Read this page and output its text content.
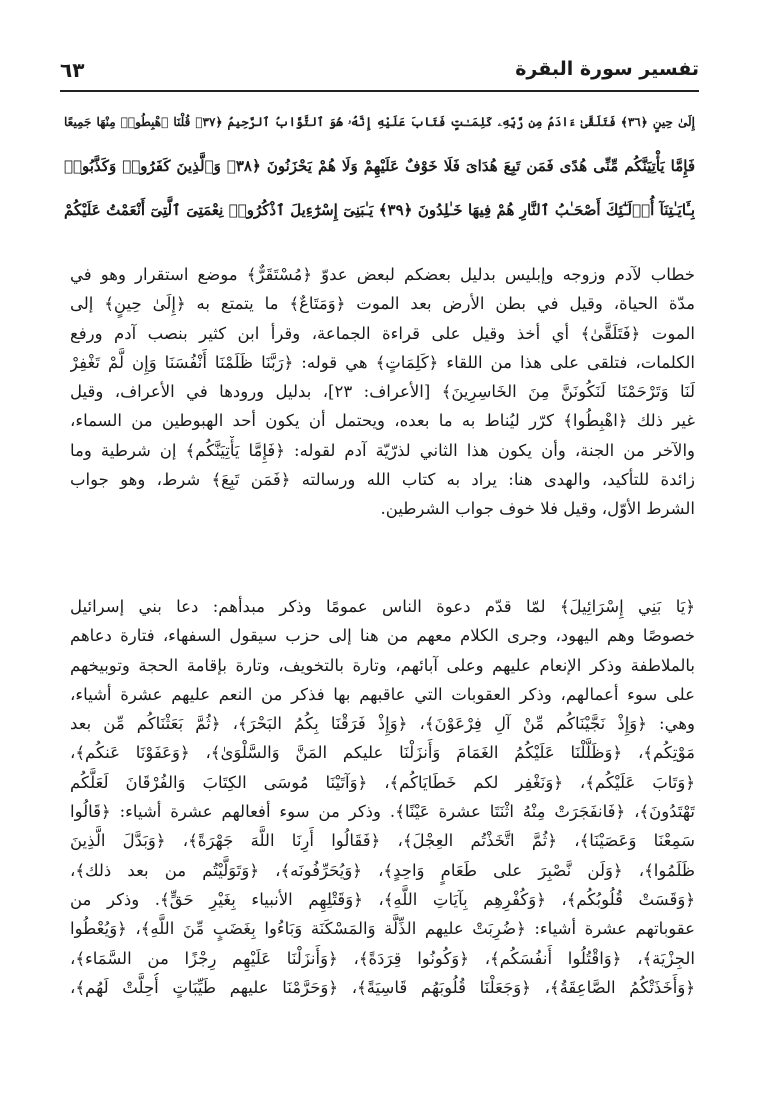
تفسير سورة البقرة
٦٣
إِلَىٰ حِينٍ ﴿٣٦﴾ فَتَلَقَّىٰ ءَادَمُ مِن رَّبِّهِۦ كَلِمَـٰتٍ فَتَابَ عَلَيْهِ إِنَّهُۥ هُوَ ٱلتَّوَّابُ ٱلرَّحِيمُ ﴿٣٧﴾ قُلْنَا ٱهْبِطُوا۟ مِنْهَا جَمِيعًا
فَإِمَّا يَأْتِيَنَّكُم مِّنِّى هُدًى فَمَن تَبِعَ هُدَاىَ فَلَا خَوْفٌ عَلَيْهِمْ وَلَا هُمْ يَحْزَنُونَ ﴿٣٨﴾ وَٱلَّذِينَ كَفَرُوا۟ وَكَذَّبُوا۟
بِـَٔايَـٰتِنَآ أُو۟لَـٰٓئِكَ أَصْحَـٰبُ ٱلنَّارِ هُمْ فِيهَا خَـٰلِدُونَ ﴿٣٩﴾ يَـٰبَنِىٓ إِسْرَٰٓءِيلَ ٱذْكُرُوا۟ نِعْمَتِىَ ٱلَّتِىٓ أَنْعَمْتُ عَلَيْكُمْ
خطاب لآدم وزوجه وإبليس بدليل بعضكم لبعض عدوّ ﴿مُسْتَقَرٌّ﴾ موضع استقرار وهو في
مدّة الحياة، وقيل في بطن الأرض بعد الموت ﴿وَمَتَاعٌ﴾ ما يتمتع به ﴿إِلَىٰ حِينٍ﴾ إلى
الموت ﴿فَتَلَقَّىٰ﴾ أي أخذ وقيل على قراءة الجماعة، وقرأ ابن كثير بنصب آدم ورفع
الكلمات، فتلقى على هذا من اللقاء ﴿كَلِمَاتٍ﴾ هي قوله: ﴿رَبَّنَا ظَلَمْنَا أَنْفُسَنَا وَإِن لَّمْ تَغْفِرْ
لَنَا وَتَرْحَمْنَا لَنَكُونَنَّ مِنَ الخَاسِرِينَ﴾ [الأعراف: ٢٣]، بدليل ورودها في الأعراف، وقيل
غير ذلك ﴿اهْبِطُوا﴾ كرّر ليُناط به ما بعده، ويحتمل أن يكون أحد الهبوطين من السماء،
والآخر من الجنة، وأن يكون هذا الثاني لذرّيّة آدم لقوله: ﴿فَإِمَّا يَأْتِيَنَّكُم﴾ إن شرطية وما
زائدة للتأكيد، والهدى هنا: يراد به كتاب الله ورسالته ﴿فَمَن تَبِعَ﴾ شرط، وهو جواب
الشرط الأوّل، وقيل فلا خوف جواب الشرطين.
﴿يَا بَنِي إِسْرَائِيلَ﴾ لمّا قدّم دعوة الناس عمومًا وذكر مبدأهم: دعا بني إسرائيل
خصوصًا وهم اليهود، وجرى الكلام معهم من هنا إلى حزب سيقول السفهاء، فتارة دعاهم
بالملاطفة وذكر الإنعام عليهم وعلى آبائهم، وتارة بالتخويف، وتارة بإقامة الحجة وتوبيخهم
على سوء أعمالهم، وذكر العقوبات التي عاقبهم بها فذكر من النعم عليهم عشرة أشياء،
وهي: ﴿وَإِذْ نَجَّيْنَاكُم مِّنْ آلِ فِرْعَوْنَ﴾، ﴿وَإِذْ فَرَقْنَا بِكُمُ البَحْرَ﴾، ﴿ثُمَّ بَعَثْنَاكُم مِّن بعد
مَوْتِكُم﴾، ﴿وَظَلَّلْنَا عَلَيْكُمُ الغَمَامَ وَأَنزَلْنَا عليكم المَنَّ وَالسَّلْوَىٰ﴾، ﴿وَعَفَوْنَا عَنكُم﴾،
﴿وَتَابَ عَلَيْكُم﴾، ﴿وَنَغْفِر لكم خَطَايَاكُم﴾، ﴿وَآتَيْنَا مُوسَى الكِتَابَ وَالفُرْقَانَ لَعَلَّكُم
تَهْتَدُونَ﴾، ﴿فَانفَجَرَتْ مِنْهُ اثْنَتَا عشرة عَيْنًا﴾. وذكر من سوء أفعالهم عشرة أشياء: ﴿قَالُوا
سَمِعْنَا وَعَصَيْنَا﴾، ﴿ثُمَّ اتَّخَذْتُم العِجْلَ﴾، ﴿فَقَالُوا أَرِنَا اللَّهَ جَهْرَةً﴾، ﴿وَبَدَّلَ الَّذِينَ
ظَلَمُوا﴾، ﴿وَلَن نَّصْبِرَ على طَعَامٍ وَاحِدٍ﴾، ﴿وَيُحَرِّفُونَه﴾، ﴿وَتَوَلَّيْتُم من بعد ذلك﴾،
﴿وَقَسَتْ قُلُوبُكُم﴾، ﴿وَكُفْرِهِم بِآيَاتِ اللَّهِ﴾، ﴿وَقَتْلِهِم الأنبياء بِغَيْرِ حَقٍّ﴾. وذكر من
عقوباتهم عشرة أشياء: ﴿ضُرِبَتْ عليهم الذِّلَّة وَالمَسْكَنَة وَبَاءُوا بِغَضَبٍ مِّنَ اللَّهِ﴾، ﴿وَيُعْطُوا
الجِزْيَة﴾، ﴿وَاقْتُلُوا أَنفُسَكُم﴾، ﴿وَكُونُوا قِرَدَةً﴾، ﴿وَأَنزَلْنَا عَلَيْهِم رِجْزًا من السَّمَاء﴾،
﴿وَأَخَذَتْكُمُ الصَّاعِقَةُ﴾، ﴿وَجَعَلْنَا قُلُوبَهُم قَاسِيَةً﴾، ﴿وَحَرَّمْنَا عليهم طَيِّبَاتٍ أُحِلَّتْ لَهُم﴾،
